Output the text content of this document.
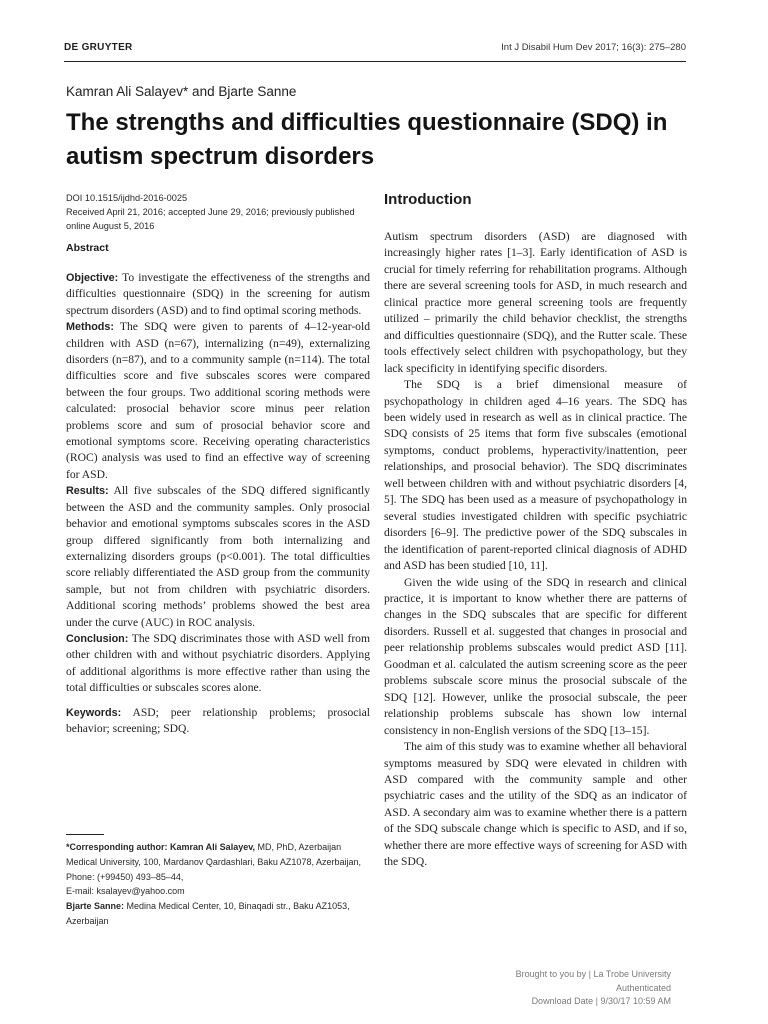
DE GRUYTER	Int J Disabil Hum Dev 2017; 16(3): 275–280
Kamran Ali Salayev* and Bjarte Sanne
The strengths and difficulties questionnaire (SDQ) in autism spectrum disorders
DOI 10.1515/ijdhd-2016-0025
Received April 21, 2016; accepted June 29, 2016; previously published
online August 5, 2016
Abstract

Objective: To investigate the effectiveness of the strengths and difficulties questionnaire (SDQ) in the screening for autism spectrum disorders (ASD) and to find optimal scoring methods.

Methods: The SDQ were given to parents of 4–12-year-old children with ASD (n=67), internalizing (n=49), externalizing disorders (n=87), and to a community sample (n=114). The total difficulties score and five subscales scores were compared between the four groups. Two additional scoring methods were calculated: prosocial behavior score minus peer relation problems score and sum of prosocial behavior score and emotional symptoms score. Receiving operating characteristics (ROC) analysis was used to find an effective way of screening for ASD.

Results: All five subscales of the SDQ differed significantly between the ASD and the community samples. Only prosocial behavior and emotional symptoms subscales scores in the ASD group differed significantly from both internalizing and externalizing disorders groups (p<0.001). The total difficulties score reliably differentiated the ASD group from the community sample, but not from children with psychiatric disorders. Additional scoring methods’ problems showed the best area under the curve (AUC) in ROC analysis.

Conclusion: The SDQ discriminates those with ASD well from other children with and without psychiatric disorders. Applying of additional algorithms is more effective rather than using the total difficulties or subscales scores alone.

Keywords: ASD; peer relationship problems; prosocial behavior; screening; SDQ.

*Corresponding author: Kamran Ali Salayev, MD, PhD, Azerbaijan Medical University, 100, Mardanov Qardashlari, Baku AZ1078, Azerbaijan, Phone: (+99450) 493–85–44,
E-mail: ksalayev@yahoo.com
Bjarte Sanne: Medina Medical Center, 10, Binaqadi str., Baku AZ1053, Azerbaijan
Introduction

Autism spectrum disorders (ASD) are diagnosed with increasingly higher rates [1–3]. Early identification of ASD is crucial for timely referring for rehabilitation programs. Although there are several screening tools for ASD, in much research and clinical practice more general screening tools are frequently utilized – primarily the child behavior checklist, the strengths and difficulties questionnaire (SDQ), and the Rutter scale. These tools effectively select children with psychopathology, but they lack specificity in identifying specific disorders.

The SDQ is a brief dimensional measure of psychopathology in children aged 4–16 years. The SDQ has been widely used in research as well as in clinical practice. The SDQ consists of 25 items that form five subscales (emotional symptoms, conduct problems, hyperactivity/inattention, peer relationships, and prosocial behavior). The SDQ discriminates well between children with and without psychiatric disorders [4, 5]. The SDQ has been used as a measure of psychopathology in several studies investigated children with specific psychiatric disorders [6–9]. The predictive power of the SDQ subscales in the identification of parent-reported clinical diagnosis of ADHD and ASD has been studied [10, 11].

Given the wide using of the SDQ in research and clinical practice, it is important to know whether there are patterns of changes in the SDQ subscales that are specific for different disorders. Russell et al. suggested that changes in prosocial and peer relationship problems subscales would predict ASD [11]. Goodman et al. calculated the autism screening score as the peer problems subscale score minus the prosocial subscale of the SDQ [12]. However, unlike the prosocial subscale, the peer relationship problems subscale has shown low internal consistency in non-English versions of the SDQ [13–15].

The aim of this study was to examine whether all behavioral symptoms measured by SDQ were elevated in children with ASD compared with the community sample and other psychiatric cases and the utility of the SDQ as an indicator of ASD. A secondary aim was to examine whether there is a pattern of the SDQ subscale change which is specific to ASD, and if so, whether there are more effective ways of screening for ASD with the SDQ.

Brought to you by | La Trobe University
Authenticated
Download Date | 9/30/17 10:59 AM
